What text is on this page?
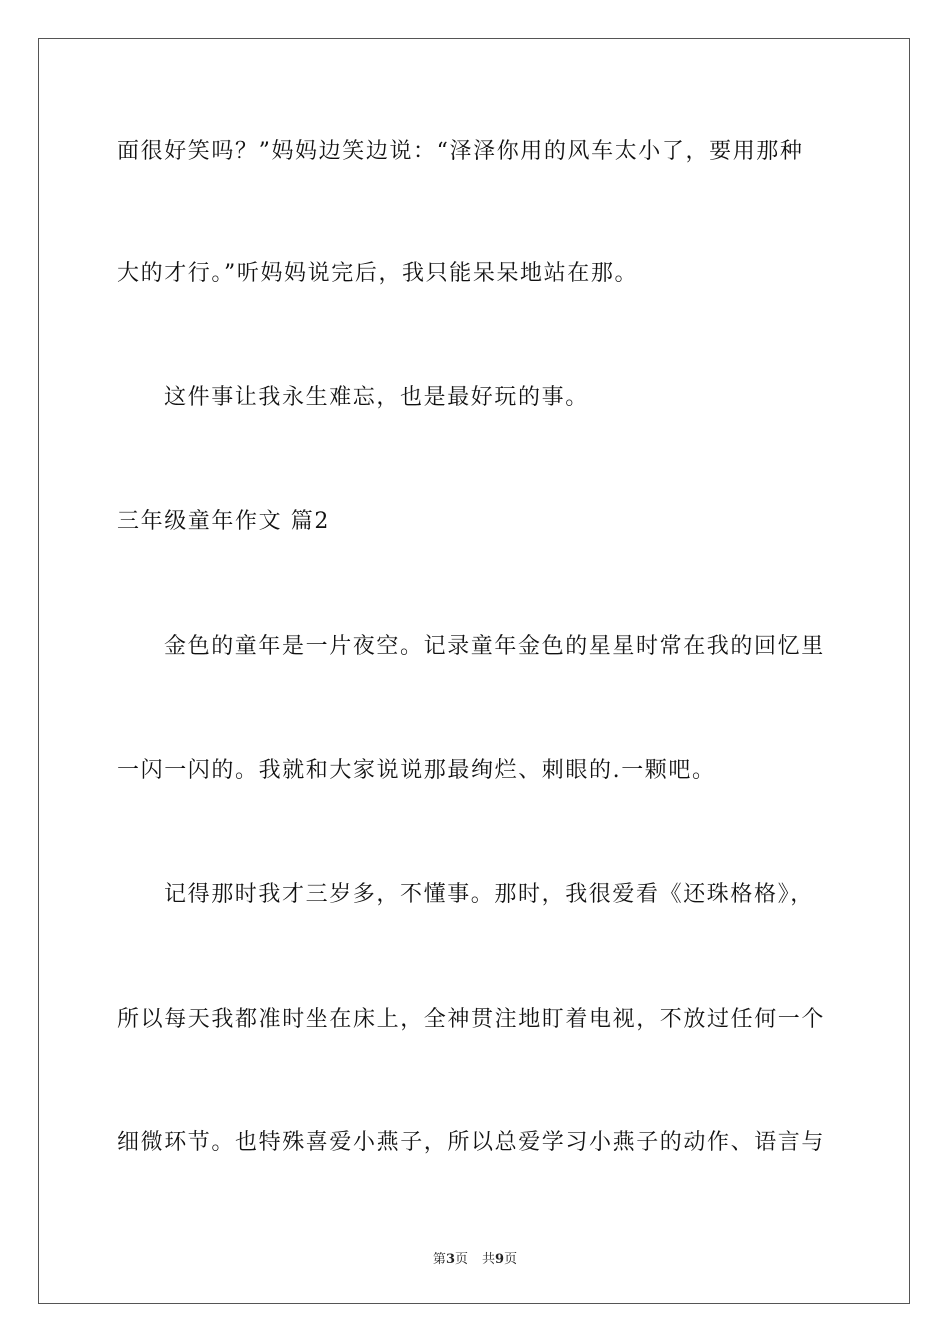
面很好笑吗？”妈妈边笑边说：“泽泽你用的风车太小了，要用那种
大的才行。”听妈妈说完后，我只能呆呆地站在那。
这件事让我永生难忘，也是最好玩的事。
三年级童年作文 篇2
金色的童年是一片夜空。记录童年金色的星星时常在我的回忆里
一闪一闪的。我就和大家说说那最绚烂、刺眼的.一颗吧。
记得那时我才三岁多，不懂事。那时，我很爱看《还珠格格》，
所以每天我都准时坐在床上，全神贯注地盯着电视，不放过任何一个
细微环节。也特殊喜爱小燕子，所以总爱学习小燕子的动作、语言与
第3页 共9页
